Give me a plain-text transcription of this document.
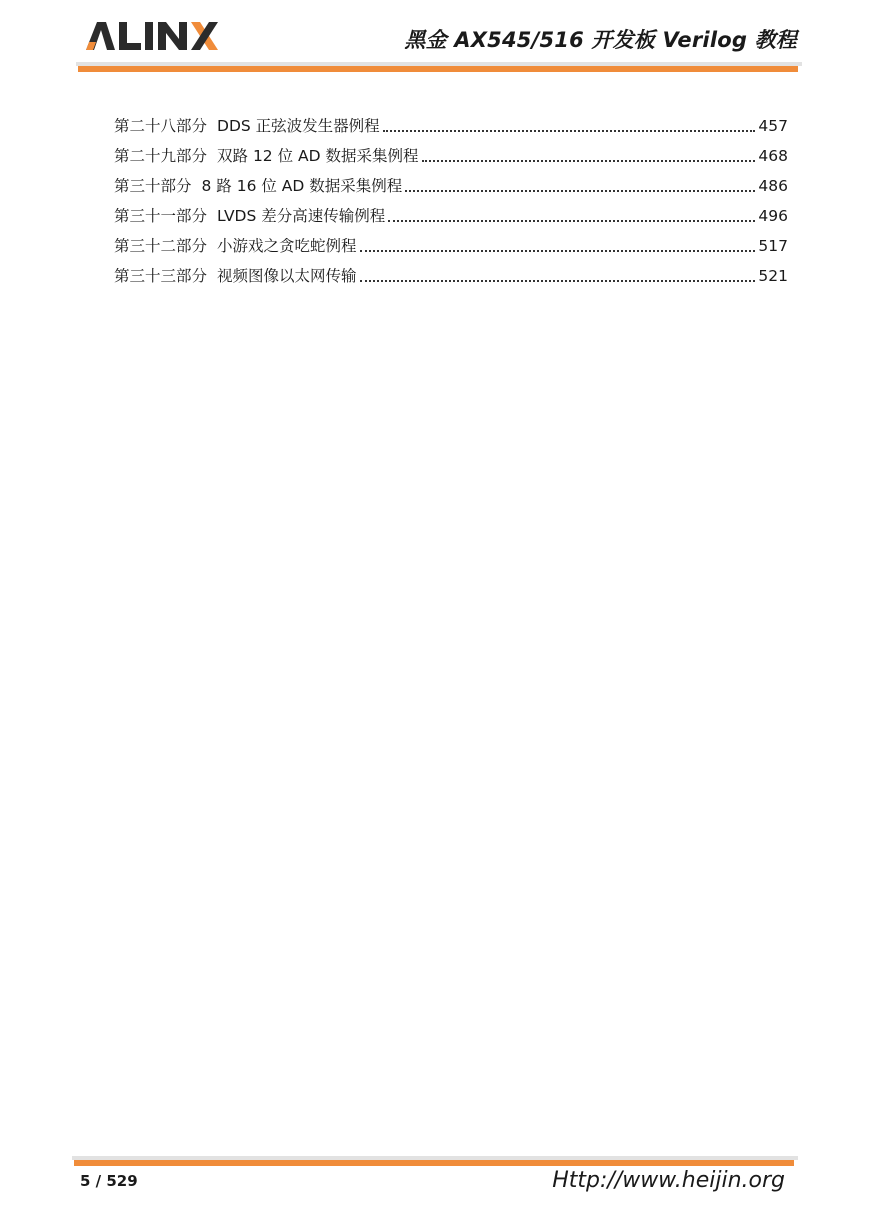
黑金 AX545/516 开发板 Verilog 教程
第二十八部分 DDS 正弦波发生器例程	457
第二十九部分 双路 12 位 AD 数据采集例程	468
第三十部分 8 路 16 位 AD 数据采集例程	486
第三十一部分 LVDS 差分高速传输例程	496
第三十二部分 小游戏之贪吃蛇例程	517
第三十三部分 视频图像以太网传输	521
5 / 529	Http://www.heijin.org
